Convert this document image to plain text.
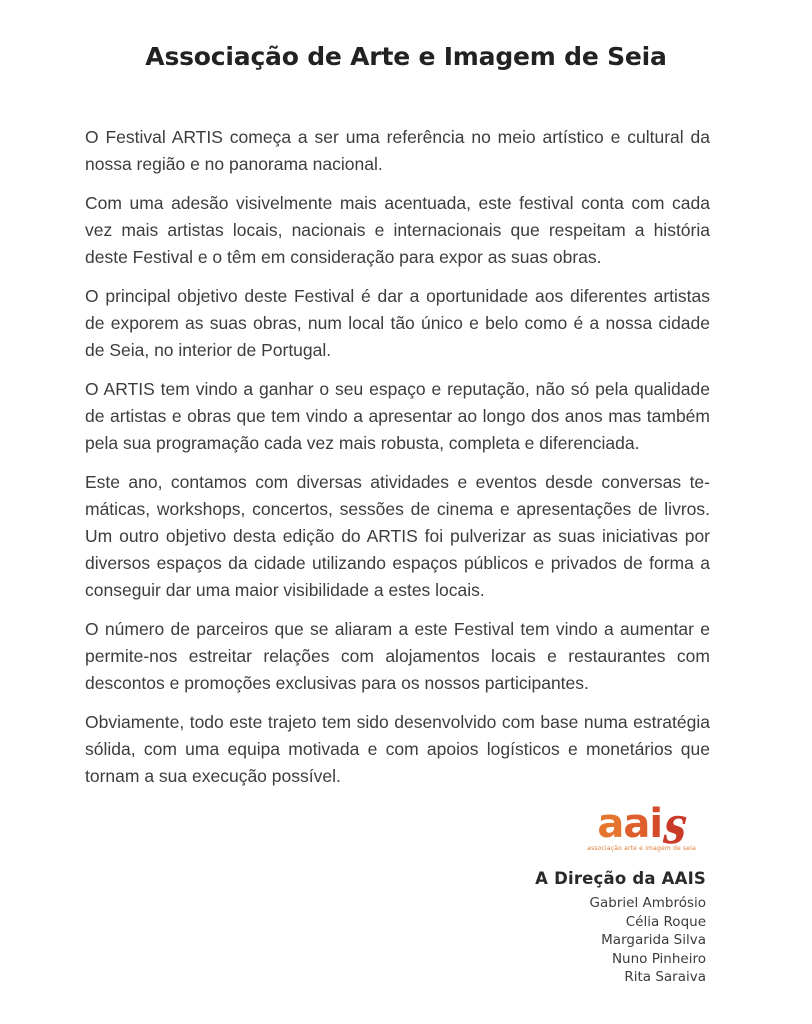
Associação de Arte e Imagem de Seia

O Festival ARTIS começa a ser uma referência no meio artístico e cultural da nossa região e no panorama nacional.

Com uma adesão visivelmente mais acentuada, este festival conta com cada vez mais artistas locais, nacionais e internacionais que respeitam a história deste Festival e o têm em consideração para expor as suas obras.

O principal objetivo deste Festival é dar a oportunidade aos diferentes artistas de exporem as suas obras, num local tão único e belo como é a nossa cidade de Seia, no interior de Portugal.

O ARTIS tem vindo a ganhar o seu espaço e reputação, não só pela qualidade de artistas e obras que tem vindo a apresentar ao longo dos anos mas também pela sua programação cada vez mais robusta, completa e diferenciada.

Este ano, contamos com diversas atividades e eventos desde conversas temáticas, workshops, concertos, sessões de cinema e apresentações de livros. Um outro objetivo desta edição do ARTIS foi pulverizar as suas iniciativas por diversos espaços da cidade utilizando espaços públicos e privados de forma a conseguir dar uma maior visibilidade a estes locais.

O número de parceiros que se aliaram a este Festival tem vindo a aumentar e permite-nos estreitar relações com alojamentos locais e restaurantes com descontos e promoções exclusivas para os nossos participantes.

Obviamente, todo este trajeto tem sido desenvolvido com base numa estratégia sólida, com uma equipa motivada e com apoios logísticos e monetários que tornam a sua execução possível.

aais
associação arte e imagem de seia
A Direção da AAIS
Gabriel Ambrósio
Célia Roque
Margarida Silva
Nuno Pinheiro
Rita Saraiva
